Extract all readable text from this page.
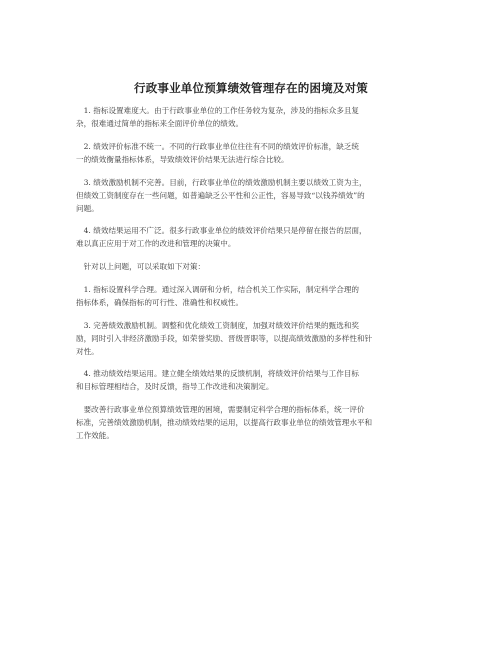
行政事业单位预算绩效管理存在的困境及对策
　1. 指标设置难度大。由于行政事业单位的工作任务较为复杂，涉及的指标众多且复
杂，很难通过简单的指标来全面评价单位的绩效。
　2. 绩效评价标准不统一。不同的行政事业单位往往有不同的绩效评价标准，缺乏统
一的绩效衡量指标体系，导致绩效评价结果无法进行综合比较。
　3. 绩效激励机制不完善。目前，行政事业单位的绩效激励机制主要以绩效工资为主，
但绩效工资制度存在一些问题，如普遍缺乏公平性和公正性，容易导致“以钱养绩效”的
问题。
　4. 绩效结果运用不广泛。很多行政事业单位的绩效评价结果只是停留在报告的层面，
难以真正应用于对工作的改进和管理的决策中。
　针对以上问题，可以采取如下对策：
　1. 指标设置科学合理。通过深入调研和分析，结合机关工作实际，制定科学合理的
指标体系，确保指标的可行性、准确性和权威性。
　3. 完善绩效激励机制。调整和优化绩效工资制度，加强对绩效评价结果的甄选和奖
励，同时引入非经济激励手段，如荣誉奖励、晋级晋职等，以提高绩效激励的多样性和针
对性。
　4. 推动绩效结果运用。建立健全绩效结果的反馈机制，将绩效评价结果与工作目标
和目标管理相结合，及时反馈，指导工作改进和决策制定。
　要改善行政事业单位预算绩效管理的困境，需要制定科学合理的指标体系，统一评价
标准，完善绩效激励机制，推动绩效结果的运用，以提高行政事业单位的绩效管理水平和
工作效能。
